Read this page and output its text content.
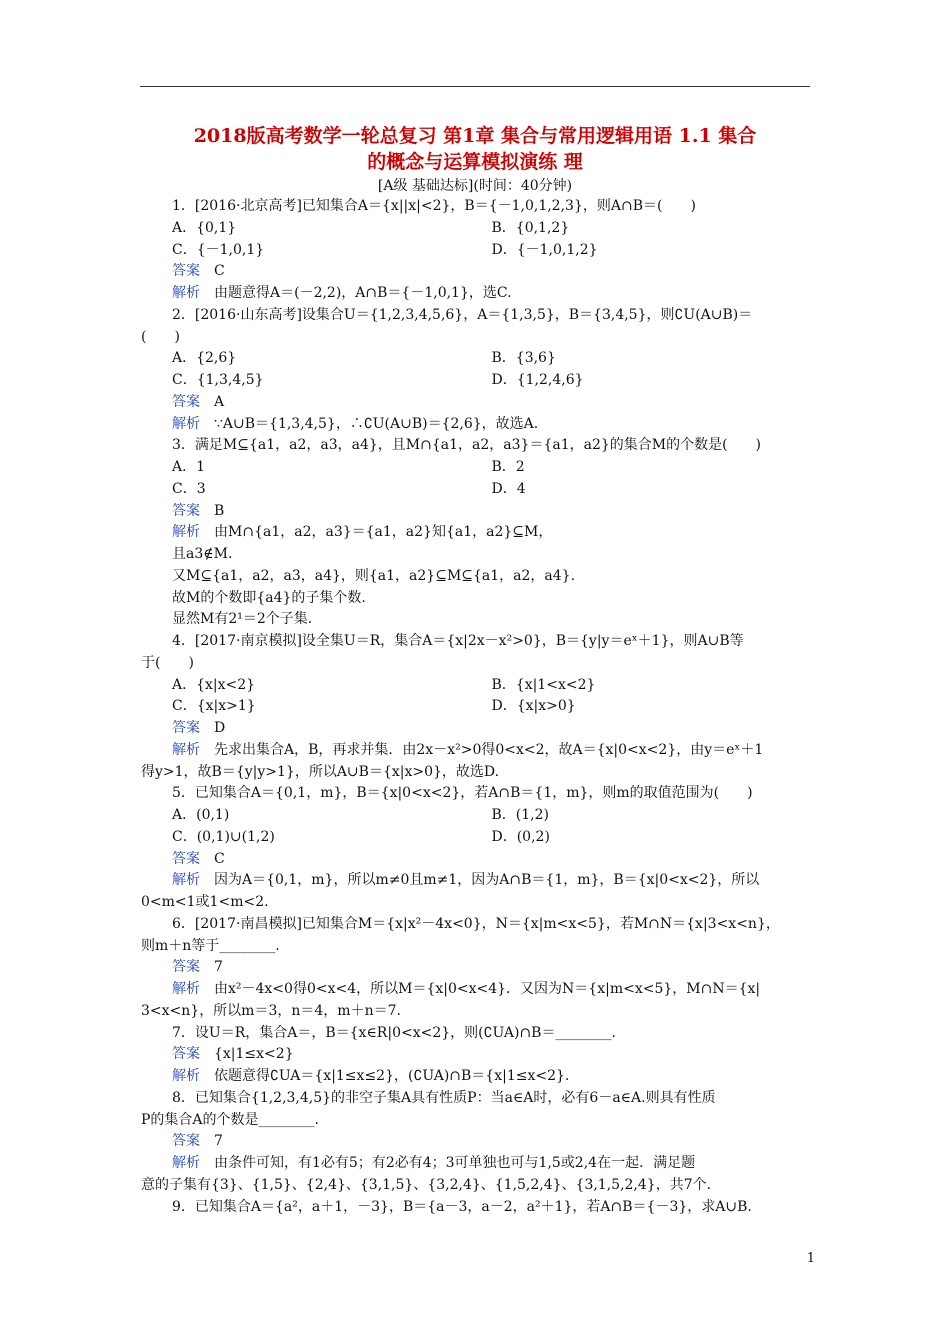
2018版高考数学一轮总复习 第1章 集合与常用逻辑用语 1.1 集合
的概念与运算模拟演练 理
[A级 基础达标](时间：40分钟)
1．[2016·北京高考]已知集合A＝{x||x|<2}，B＝{－1,0,1,2,3}，则A∩B＝(　　)
A．{0,1}	B．{0,1,2}
C．{－1,0,1}	D．{－1,0,1,2}
答案 C
解析 由题意得A＝(－2,2)，A∩B＝{－1,0,1}，选C.
2．[2016·山东高考]设集合U＝{1,2,3,4,5,6}，A＝{1,3,5}，B＝{3,4,5}，则∁U(A∪B)＝
(　　)
A．{2,6}	B．{3,6}
C．{1,3,4,5}	D．{1,2,4,6}
答案 A
解析 ∵A∪B＝{1,3,4,5}，∴∁U(A∪B)＝{2,6}，故选A.
3．满足M⊆{a1，a2，a3，a4}，且M∩{a1，a2，a3}＝{a1，a2}的集合M的个数是(　　)
A．1	B．2
C．3	D．4
答案 B
解析 由M∩{a1，a2，a3}＝{a1，a2}知{a1，a2}⊆M，
且a3∉M.
又M⊆{a1，a2，a3，a4}，则{a1，a2}⊆M⊆{a1，a2，a4}.
故M的个数即{a4}的子集个数.
显然M有2¹＝2个子集.
4．[2017·南京模拟]设全集U＝R，集合A＝{x|2x－x²>0}，B＝{y|y＝eˣ＋1}，则A∪B等
于(　　)
A．{x|x<2}	B．{x|1<x<2}
C．{x|x>1}	D．{x|x>0}
答案 D
解析 先求出集合A，B，再求并集．由2x－x²>0得0<x<2，故A＝{x|0<x<2}，由y＝eˣ＋1
得y>1，故B＝{y|y>1}，所以A∪B＝{x|x>0}，故选D.
5．已知集合A＝{0,1，m}，B＝{x|0<x<2}，若A∩B＝{1，m}，则m的取值范围为(　　)
A．(0,1)	B．(1,2)
C．(0,1)∪(1,2)	D．(0,2)
答案 C
解析 因为A＝{0,1，m}，所以m≠0且m≠1，因为A∩B＝{1，m}，B＝{x|0<x<2}，所以
0<m<1或1<m<2.
6．[2017·南昌模拟]已知集合M＝{x|x²－4x<0}，N＝{x|m<x<5}，若M∩N＝{x|3<x<n}，
则m＋n等于________.
答案 7
解析 由x²－4x<0得0<x<4，所以M＝{x|0<x<4}．又因为N＝{x|m<x<5}，M∩N＝{x|
3<x<n}，所以m＝3，n＝4，m＋n＝7.
7．设U＝R，集合A＝，B＝{x∈R|0<x<2}，则(∁UA)∩B＝________.
答案 {x|1≤x<2}
解析 依题意得∁UA＝{x|1≤x≤2}，(∁UA)∩B＝{x|1≤x<2}.
8．已知集合{1,2,3,4,5}的非空子集A具有性质P：当a∈A时，必有6－a∈A.则具有性质
P的集合A的个数是________.
答案 7
解析 由条件可知，有1必有5；有2必有4；3可单独也可与1,5或2,4在一起．满足题
意的子集有{3}、{1,5}、{2,4}、{3,1,5}、{3,2,4}、{1,5,2,4}、{3,1,5,2,4}，共7个.
9．已知集合A＝{a²，a＋1，－3}，B＝{a－3，a－2，a²＋1}，若A∩B＝{－3}，求A∪B.
1
